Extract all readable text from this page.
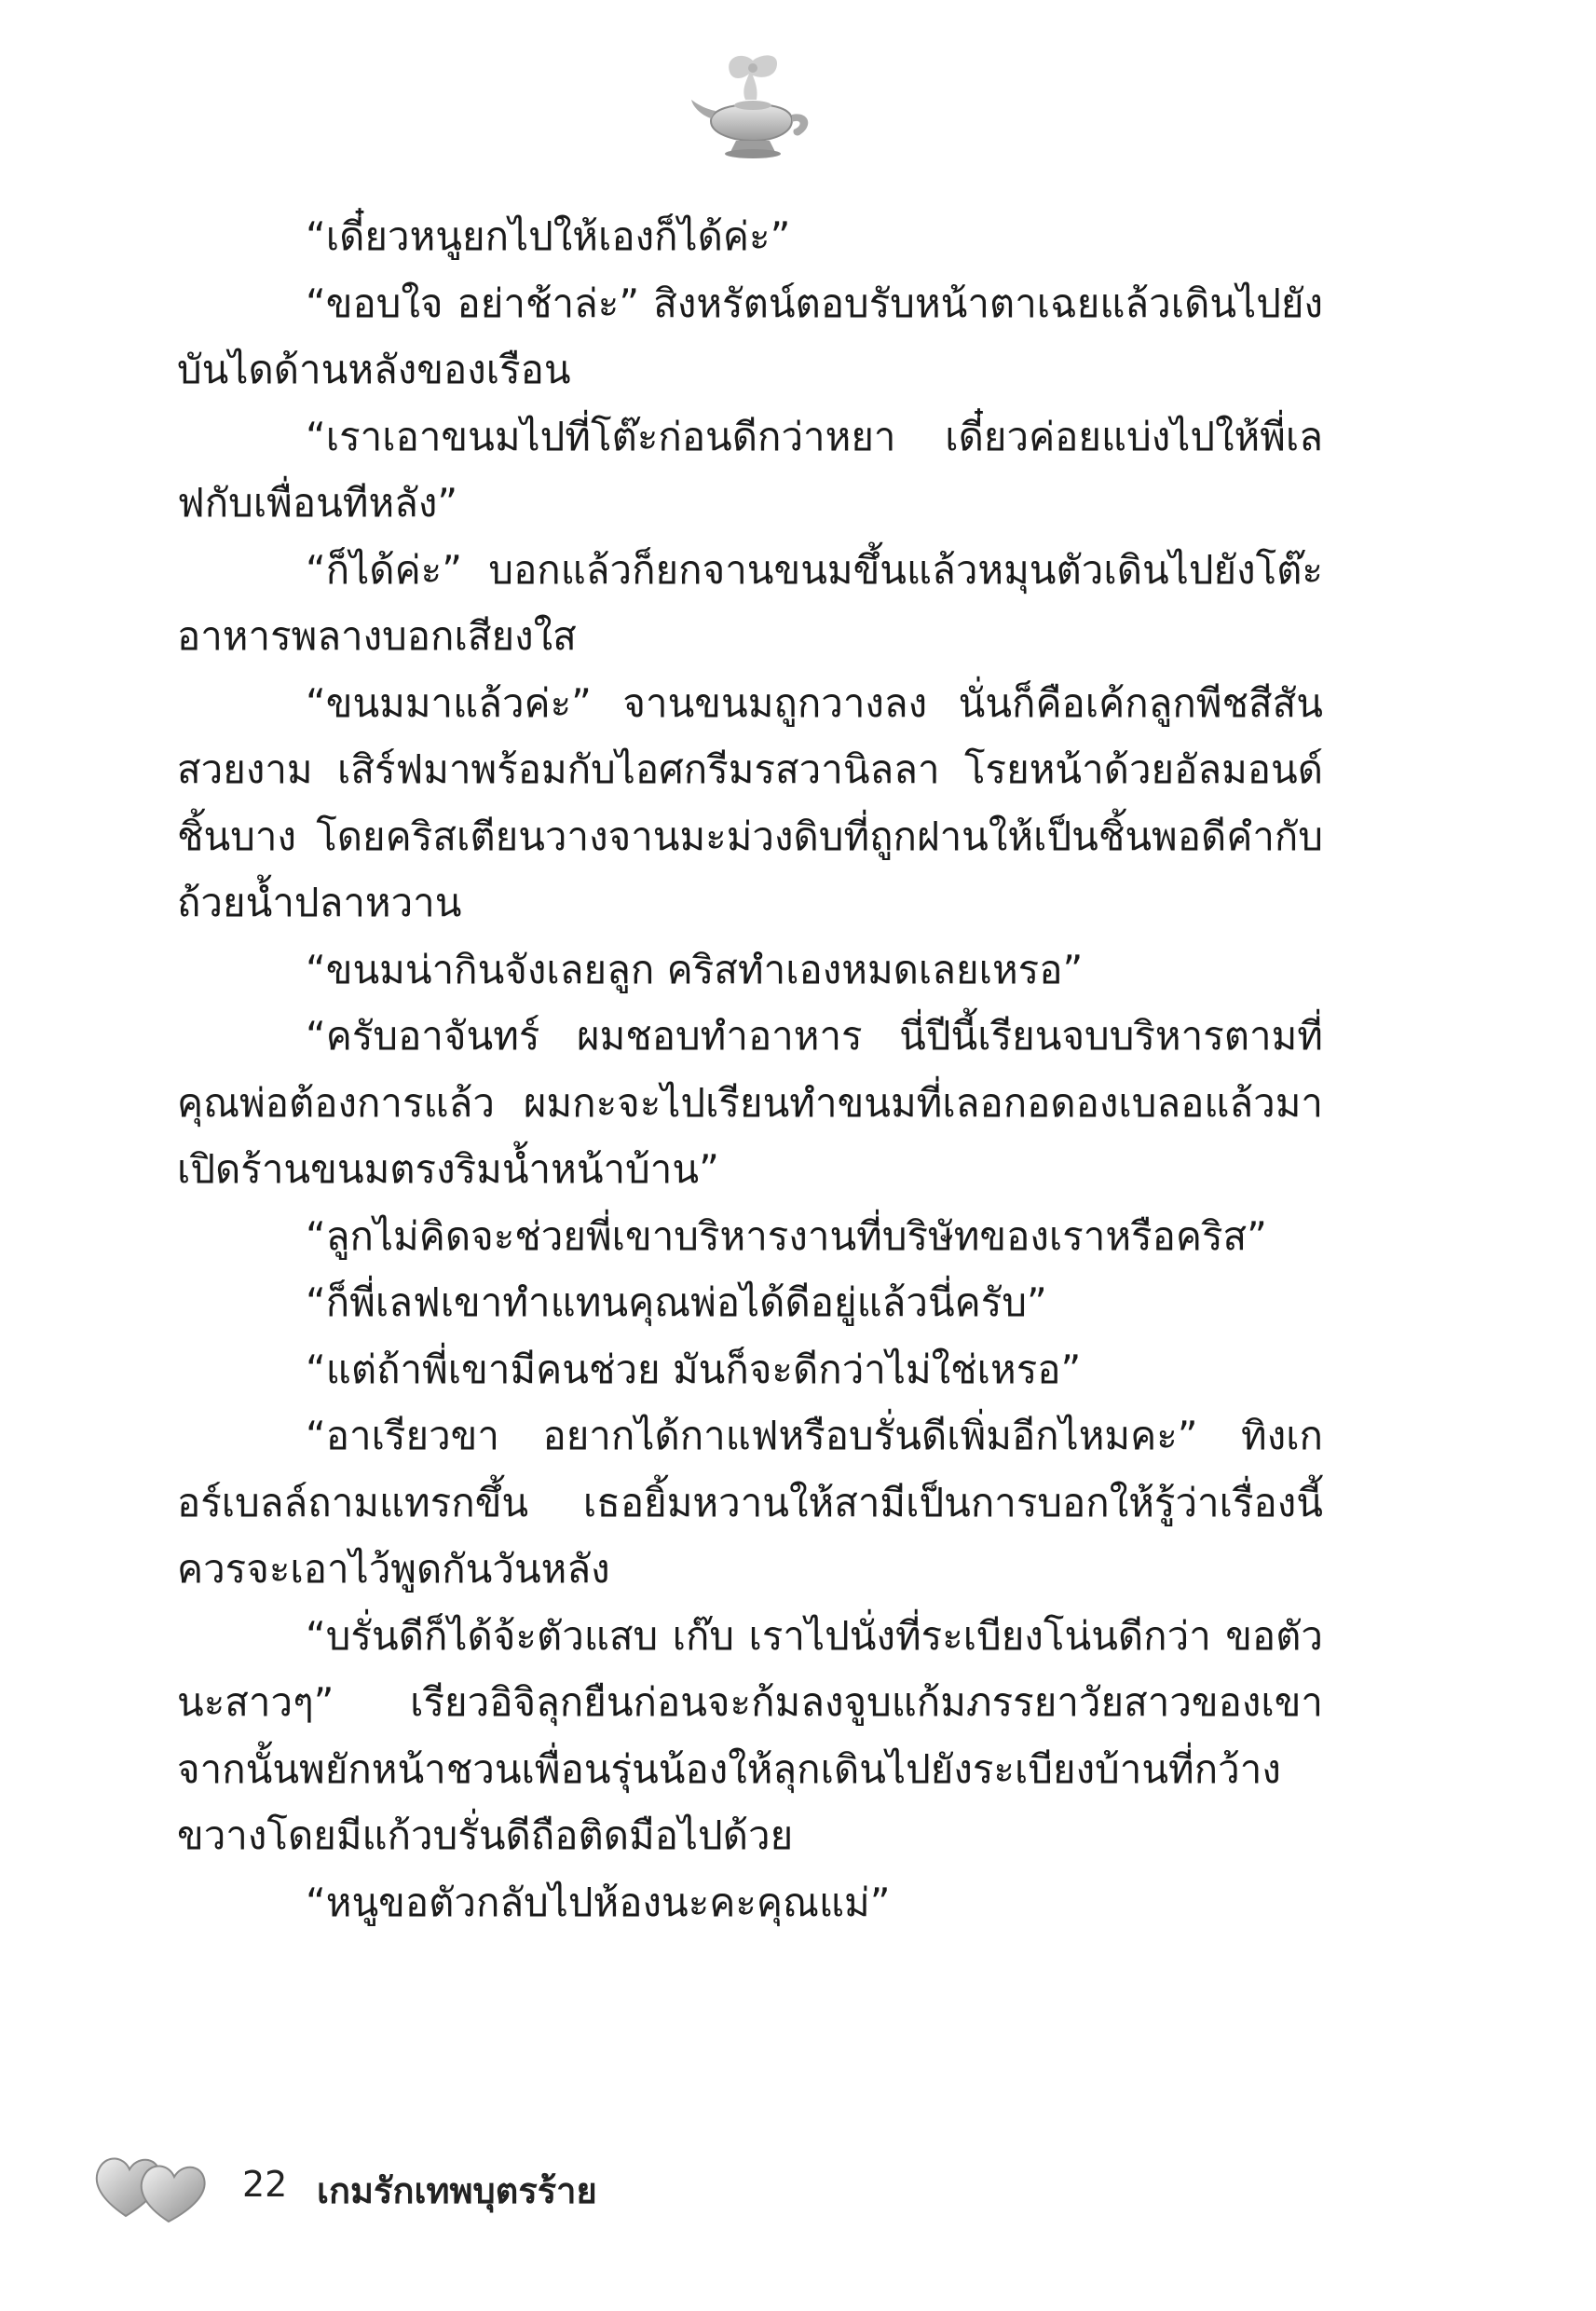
“เดี๋ยวหนูยกไปให้เองก็ได้ค่ะ”

“ขอบใจ อย่าช้าล่ะ” สิงหรัตน์ตอบรับหน้าตาเฉยแล้วเดินไปยังบันไดด้านหลังของเรือน

“เราเอาขนมไปที่โต๊ะก่อนดีกว่าหยา เดี๋ยวค่อยแบ่งไปให้พี่เลฟกับเพื่อนทีหลัง”

“ก็ได้ค่ะ” บอกแล้วก็ยกจานขนมขึ้นแล้วหมุนตัวเดินไปยังโต๊ะอาหารพลางบอกเสียงใส

“ขนมมาแล้วค่ะ” จานขนมถูกวางลง นั่นก็คือเค้กลูกพีชสีสันสวยงาม เสิร์ฟมาพร้อมกับไอศกรีมรสวานิลลา โรยหน้าด้วยอัลมอนด์ชิ้นบาง โดยคริสเตียนวางจานมะม่วงดิบที่ถูกฝานให้เป็นชิ้นพอดีคำกับถ้วยน้ำปลาหวาน

“ขนมน่ากินจังเลยลูก คริสทำเองหมดเลยเหรอ”

“ครับอาจันทร์ ผมชอบทำอาหาร นี่ปีนี้เรียนจบบริหารตามที่คุณพ่อต้องการแล้ว ผมกะจะไปเรียนทำขนมที่เลอกอดองเบลอแล้วมาเปิดร้านขนมตรงริมน้ำหน้าบ้าน”

“ลูกไม่คิดจะช่วยพี่เขาบริหารงานที่บริษัทของเราหรือคริส”

“ก็พี่เลฟเขาทำแทนคุณพ่อได้ดีอยู่แล้วนี่ครับ”

“แต่ถ้าพี่เขามีคนช่วย มันก็จะดีกว่าไม่ใช่เหรอ”

“อาเรียวขา อยากได้กาแฟหรือบรั่นดีเพิ่มอีกไหมคะ” ทิงเกอร์เบลล์ถามแทรกขึ้น เธอยิ้มหวานให้สามีเป็นการบอกให้รู้ว่าเรื่องนี้ควรจะเอาไว้พูดกันวันหลัง

“บรั่นดีก็ได้จ้ะตัวแสบ เก๊บ เราไปนั่งที่ระเบียงโน่นดีกว่า ขอตัวนะสาวๆ” เรียวอิจิลุกยืนก่อนจะก้มลงจูบแก้มภรรยาวัยสาวของเขา จากนั้นพยักหน้าชวนเพื่อนรุ่นน้องให้ลุกเดินไปยังระเบียงบ้านที่กว้างขวางโดยมีแก้วบรั่นดีถือติดมือไปด้วย

“หนูขอตัวกลับไปห้องนะคะคุณแม่”

22 เกมรักเทพบุตรร้าย
